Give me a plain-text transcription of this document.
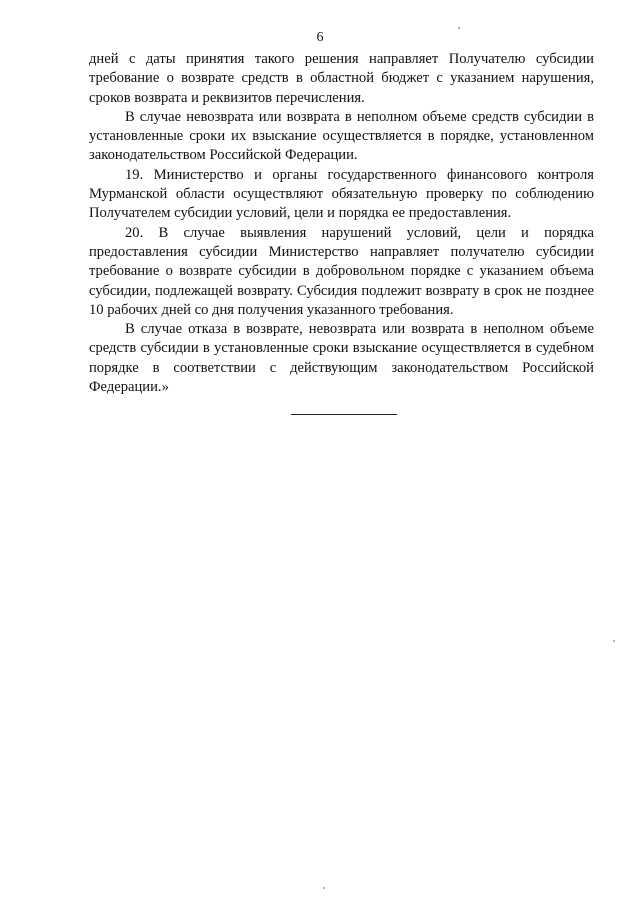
6

дней с даты принятия такого решения направляет Получателю субсидии требование о возврате средств в областной бюджет с указанием нарушения, сроков возврата и реквизитов перечисления.

В случае невозврата или возврата в неполном объеме средств субсидии в установленные сроки их взыскание осуществляется в порядке, установленном законодательством Российской Федерации.

19. Министерство и органы государственного финансового контроля Мурманской области осуществляют обязательную проверку по соблюдению Получателем субсидии условий, цели и порядка ее предоставления.

20. В случае выявления нарушений условий, цели и порядка предоставления субсидии Министерство направляет получателю субсидии требование о возврате субсидии в добровольном порядке с указанием объема субсидии, подлежащей возврату. Субсидия подлежит возврату в срок не позднее 10 рабочих дней со дня получения указанного требования.

В случае отказа в возврате, невозврата или возврата в неполном объеме средств субсидии в установленные сроки взыскание осуществляется в судебном порядке в соответствии с действующим законодательством Российской Федерации.»
